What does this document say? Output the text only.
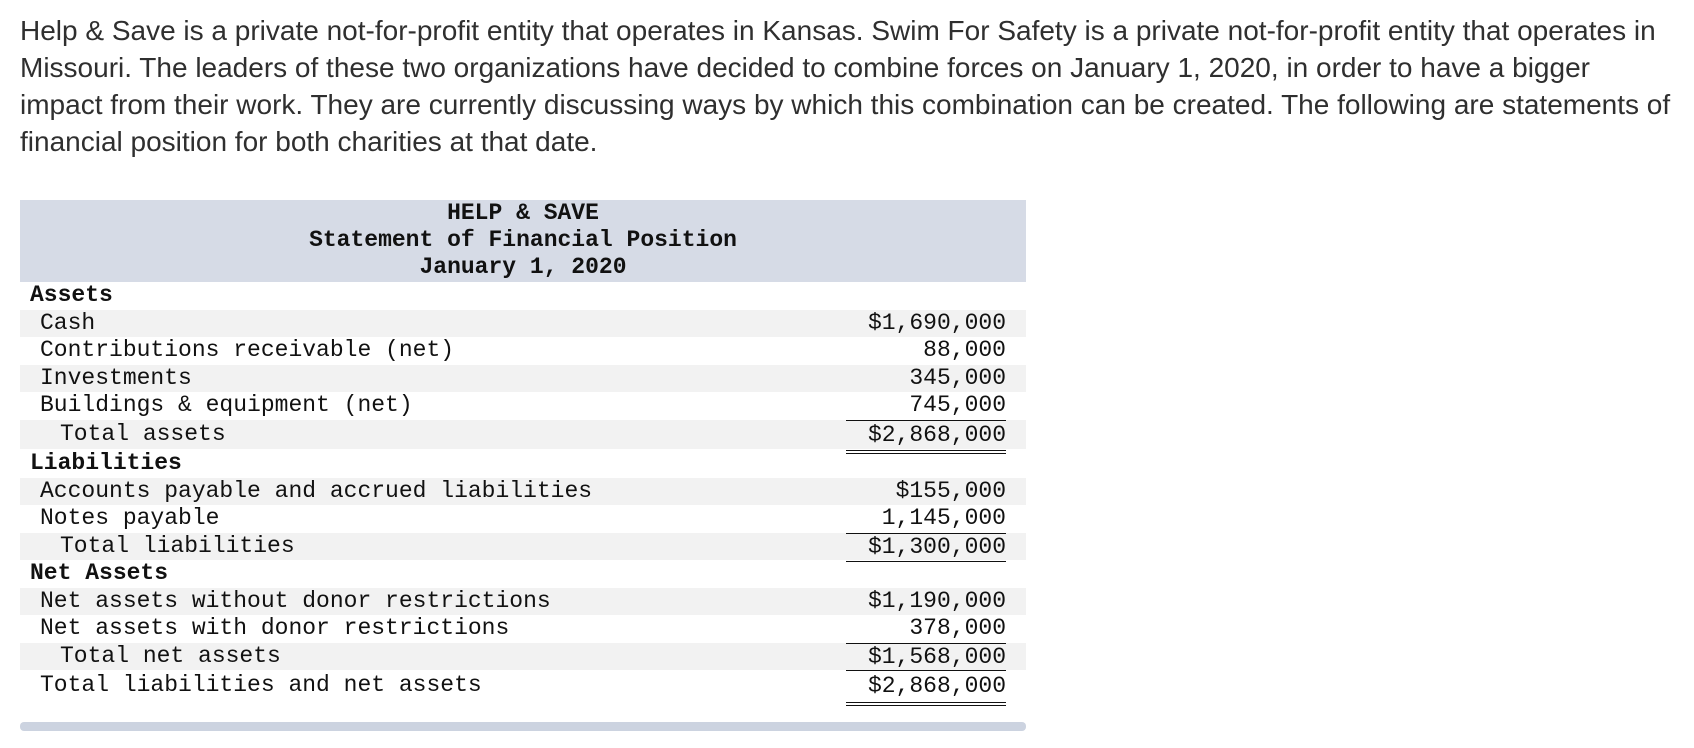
Help & Save is a private not-for-profit entity that operates in Kansas. Swim For Safety is a private not-for-profit entity that operates in Missouri. The leaders of these two organizations have decided to combine forces on January 1, 2020, in order to have a bigger impact from their work. They are currently discussing ways by which this combination can be created. The following are statements of financial position for both charities at that date.

HELP & SAVE
Statement of Financial Position
January 1, 2020
Assets
Cash	$1,690,000
Contributions receivable (net)	88,000
Investments	345,000
Buildings & equipment (net)	745,000
Total assets	$2,868,000
Liabilities
Accounts payable and accrued liabilities	$155,000
Notes payable	1,145,000
Total liabilities	$1,300,000
Net Assets
Net assets without donor restrictions	$1,190,000
Net assets with donor restrictions	378,000
Total net assets	$1,568,000
Total liabilities and net assets	$2,868,000
